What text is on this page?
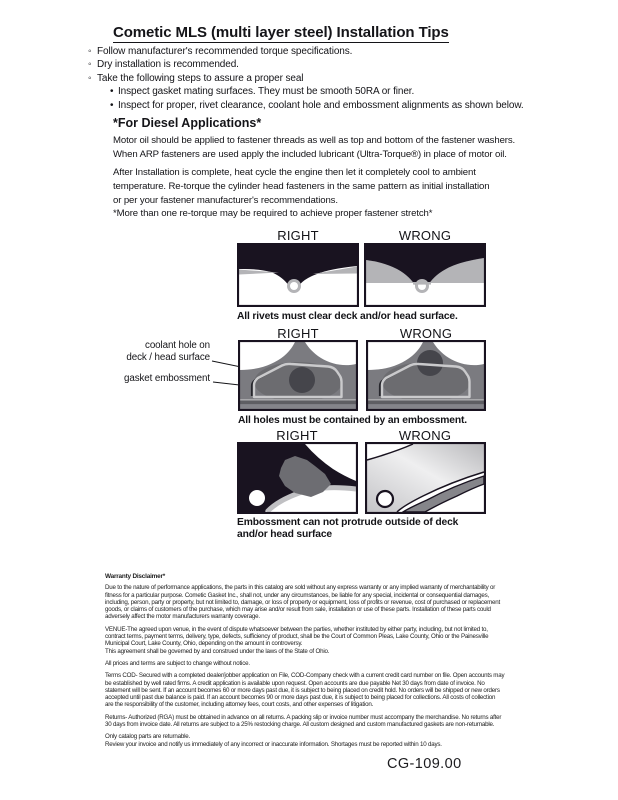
Cometic MLS (multi layer steel) Installation Tips
◦ Follow manufacturer's recommended torque specifications.
◦ Dry installation is recommended.
◦ Take the following steps to assure a proper seal
• Inspect gasket mating surfaces. They must be smooth 50RA or finer.
• Inspect for proper, rivet clearance, coolant hole and embossment alignments as shown below.
*For Diesel Applications*
Motor oil should be applied to fastener threads as well as top and bottom of the fastener washers.
When ARP fasteners are used apply the included lubricant (Ultra-Torque®) in place of motor oil.
After Installation is complete, heat cycle the engine then let it completely cool to ambient
temperature. Re-torque the cylinder head fasteners in the same pattern as initial installation
or per your fastener manufacturer's recommendations.
*More than one re-torque may be required to achieve proper fastener stretch*
RIGHT	WRONG
All rivets must clear deck and/or head surface.
RIGHT	WRONG
coolant hole on
deck / head surface
gasket embossment
All holes must be contained by an embossment.
RIGHT	WRONG
Embossment can not protrude outside of deck
and/or head surface
Warranty Disclaimer*

Due to the nature of performance applications, the parts in this catalog are sold without any express warranty or any implied warranty of merchantability or
fitness for a particular purpose. Cometic Gasket Inc., shall not, under any circumstances, be liable for any special, incidental or consequential damages,
including, person, party or property, but not limited to, damage, or loss of property or equipment, loss of profits or revenue, cost of purchased or replacement
goods, or claims of customers of the purchase, which may arise and/or result from sale, installation or use of these parts. Installation of these parts could
adversely affect the motor manufacturers warranty coverage.

VENUE-The agreed upon venue, in the event of dispute whatsoever between the parties, whether instituted by either party, including, but not limited to,
contract terms, payment terms, delivery, type, defects, sufficiency of product, shall be the Court of Common Pleas, Lake County, Ohio or the Painesville
Municipal Court, Lake County, Ohio, depending on the amount in controversy.
This agreement shall be governed by and construed under the laws of the State of Ohio.

All prices and terms are subject to change without notice.

Terms COD- Secured with a completed dealer/jobber application on File, COD-Company check with a current credit card number on file. Open accounts may
be established by well rated firms. A credit application is available upon request. Open accounts are due payable Net 30 days from date of invoice. No
statement will be sent. If an account becomes 60 or more days past due, it is subject to being placed on credit hold. No orders will be shipped or new orders
accepted until past due balance is paid. If an account becomes 90 or more days past due, it is subject to being placed for collections. All costs of collection
are the responsibility of the customer, including attorney fees, court costs, and other expenses of litigation.

Returns- Authorized (RGA) must be obtained in advance on all returns. A packing slip or invoice number must accompany the merchandise. No returns after
30 days from invoice date. All returns are subject to a 25% restocking charge. All custom designed and custom manufactured gaskets are non-returnable.

Only catalog parts are returnable.
Review your invoice and notify us immediately of any incorrect or inaccurate information. Shortages must be reported within 10 days.

CG-109.00
